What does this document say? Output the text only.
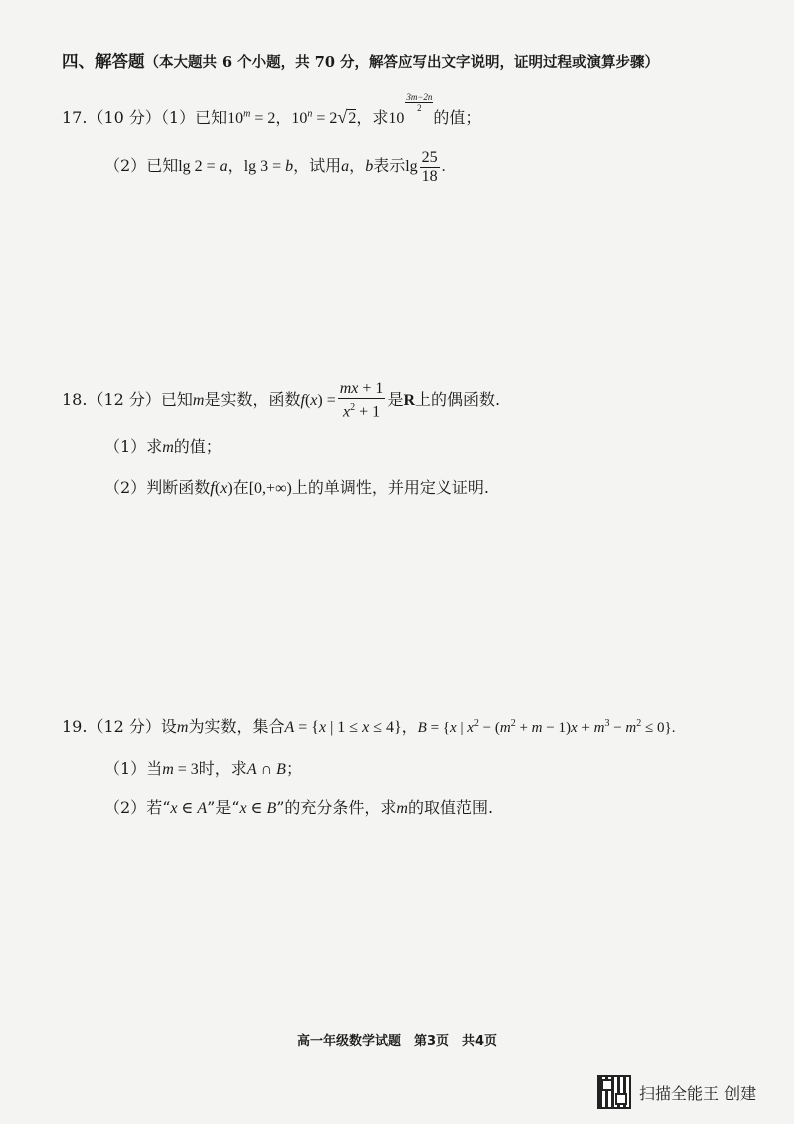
四、解答题（本大题共 6 个小题，共 70 分，解答应写出文字说明，证明过程或演算步骤）
17.（10 分）（1）已知$10^m = 2$，$10^n = 2√2$，求10
$\frac{3m-2n}{2}$
的值；
（2）已知lg 2 = a，lg 3 = b，试用a，b表示$\lg \frac{25}{18}$ .
18.（12 分）已知m是实数，函数$f(x) = \frac{mx + 1}{x^2 + 1}$ 是R上的偶函数.
（1）求m的值；
（2）判断函数f(x)在[0,+∞)上的单调性，并用定义证明.
19.（12 分）设m为实数，集合A = {x | 1 ≤ x ≤ 4}，B = {x | $x^2 - (m^2 + m - 1)x + m^3 - m^2 \le 0$}.
（1）当m = 3时，求A ∩ B；
（2）若“x ∈ A”是“x ∈ B”的充分条件，求m的取值范围.
高一年级数学试题　第3页　共4页
扫描全能王 创建
